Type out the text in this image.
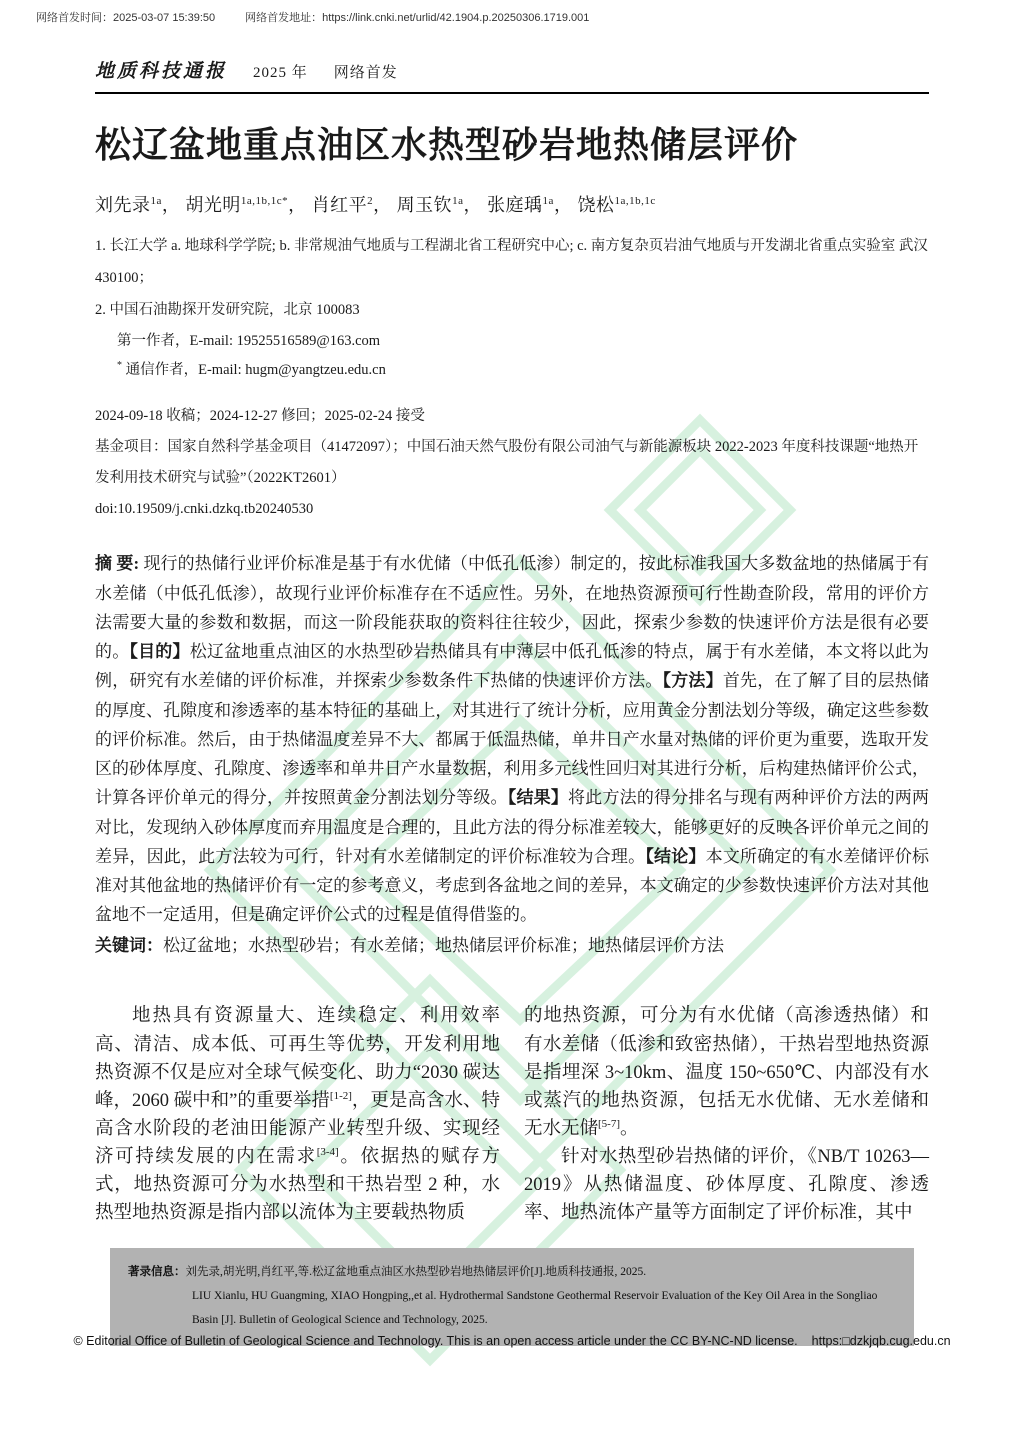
网络首发时间：2025-03-07 15:39:50	网络首发地址：https://link.cnki.net/urlid/42.1904.p.20250306.1719.001
地质科技通报 2025 年 网络首发
松辽盆地重点油区水热型砂岩地热储层评价
刘先录$^{1a}$， 胡光明$^{1a,1b,1c*}$， 肖红平$^2$， 周玉钦$^{1a}$， 张庭瑀$^{1a}$， 饶松$^{1a,1b,1c}$
1. 长江大学 a. 地球科学学院; b. 非常规油气地质与工程湖北省工程研究中心; c. 南方复杂页岩油气地质与开发湖北省重点实验室 武汉 430100；
2. 中国石油勘探开发研究院，北京 100083
第一作者，E-mail: 19525516589@163.com
* 通信作者，E-mail: hugm@yangtzeu.edu.cn
2024-09-18 收稿；2024-12-27 修回；2025-02-24 接受
基金项目：国家自然科学基金项目（41472097）；中国石油天然气股份有限公司油气与新能源板块 2022-2023 年度科技课题“地热开发利用技术研究与试验”（2022KT2601）
doi:10.19509/j.cnki.dzkq.tb20240530
摘 要: 现行的热储行业评价标准是基于有水优储（中低孔低渗）制定的，按此标准我国大多数盆地的热储属于有水差储（中低孔低渗），故现行业评价标准存在不适应性。另外，在地热资源预可行性勘查阶段，常用的评价方法需要大量的参数和数据，而这一阶段能获取的资料往往较少，因此，探索少参数的快速评价方法是很有必要的。【目的】松辽盆地重点油区的水热型砂岩热储具有中薄层中低孔低渗的特点，属于有水差储，本文将以此为例，研究有水差储的评价标准，并探索少参数条件下热储的快速评价方法。【方法】首先，在了解了目的层热储的厚度、孔隙度和渗透率的基本特征的基础上，对其进行了统计分析，应用黄金分割法划分等级，确定这些参数的评价标准。然后，由于热储温度差异不大、都属于低温热储，单井日产水量对热储的评价更为重要，选取开发区的砂体厚度、孔隙度、渗透率和单井日产水量数据，利用多元线性回归对其进行分析，后构建热储评价公式，计算各评价单元的得分，并按照黄金分割法划分等级。【结果】将此方法的得分排名与现有两种评价方法的两两对比，发现纳入砂体厚度而弃用温度是合理的，且此方法的得分标准差较大，能够更好的反映各评价单元之间的差异，因此，此方法较为可行，针对有水差储制定的评价标准较为合理。【结论】本文所确定的有水差储评价标准对其他盆地的热储评价有一定的参考意义，考虑到各盆地之间的差异，本文确定的少参数快速评价方法对其他盆地不一定适用，但是确定评价公式的过程是值得借鉴的。
关键词：松辽盆地；水热型砂岩；有水差储；地热储层评价标准；地热储层评价方法

地热具有资源量大、连续稳定、利用效率高、清洁、成本低、可再生等优势，开发利用地热资源不仅是应对全球气候变化、助力“2030 碳达峰，2060 碳中和”的重要举措[1-2]，更是高含水、特高含水阶段的老油田能源产业转型升级、实现经济可持续发展的内在需求[3-4]。依据热的赋存方式，地热资源可分为水热型和干热岩型 2 种，水热型地热资源是指内部以流体为主要载热物质

的地热资源，可分为有水优储（高渗透热储）和有水差储（低渗和致密热储），干热岩型地热资源是指埋深 3~10km、温度 150~650℃、内部没有水或蒸汽的地热资源，包括无水优储、无水差储和无水无储[5-7]。

针对水热型砂岩热储的评价，《NB/T 10263—2019》从热储温度、砂体厚度、孔隙度、渗透率、地热流体产量等方面制定了评价标准，其中

著录信息：刘先录,胡光明,肖红平,等.松辽盆地重点油区水热型砂岩地热储层评价[J].地质科技通报, 2025.
LIU Xianlu, HU Guangming, XIAO Hongping,,et al. Hydrothermal Sandstone Geothermal Reservoir Evaluation of the Key Oil Area in the Songliao Basin [J]. Bulletin of Geological Science and Technology, 2025.
© Editorial Office of Bulletin of Geological Science and Technology. This is an open access article under the CC BY-NC-ND license. https:□dzkjqb.cug.edu.cn
